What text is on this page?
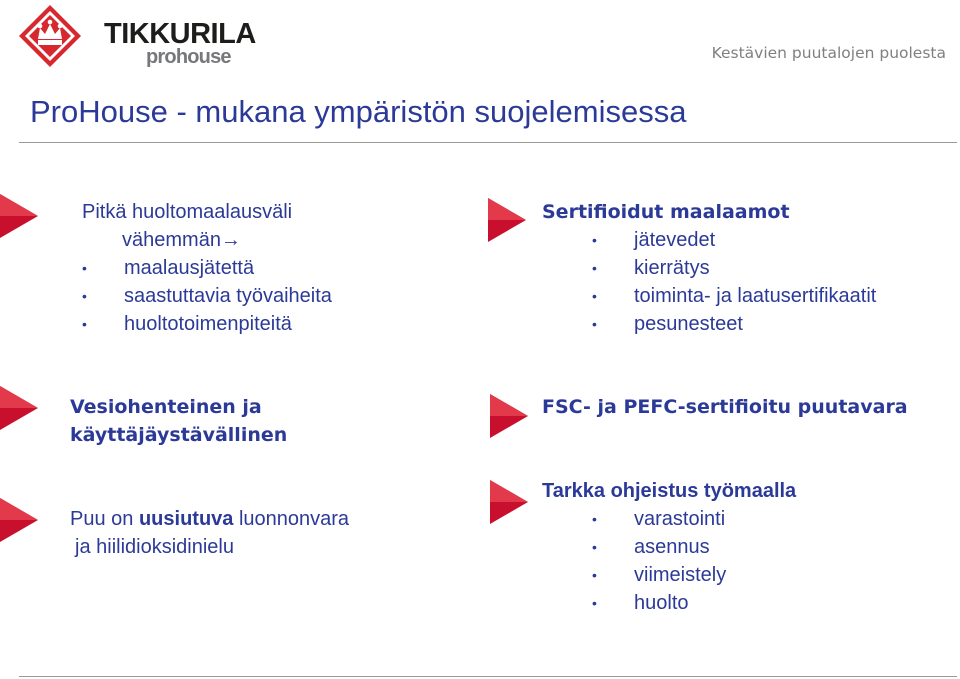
TIKKURILA
prohouse	Kestävien puutalojen puolesta
ProHouse - mukana ympäristön suojelemisessa
Pitkä huoltomaalausväli
vähemmän→
• maalausjätettä
• saastuttavia työvaiheita
• huoltotoimenpiteitä
Sertifioidut maalaamot
• jätevedet
• kierrätys
• toiminta- ja laatusertifikaatit
• pesunesteet
Vesiohenteinen ja
käyttäjäystävällinen
FSC- ja PEFC-sertifioitu puutavara
Puu on uusiutuva luonnonvara
ja hiilidioksidinielu
Tarkka ohjeistus työmaalla
• varastointi
• asennus
• viimeistely
• huolto
